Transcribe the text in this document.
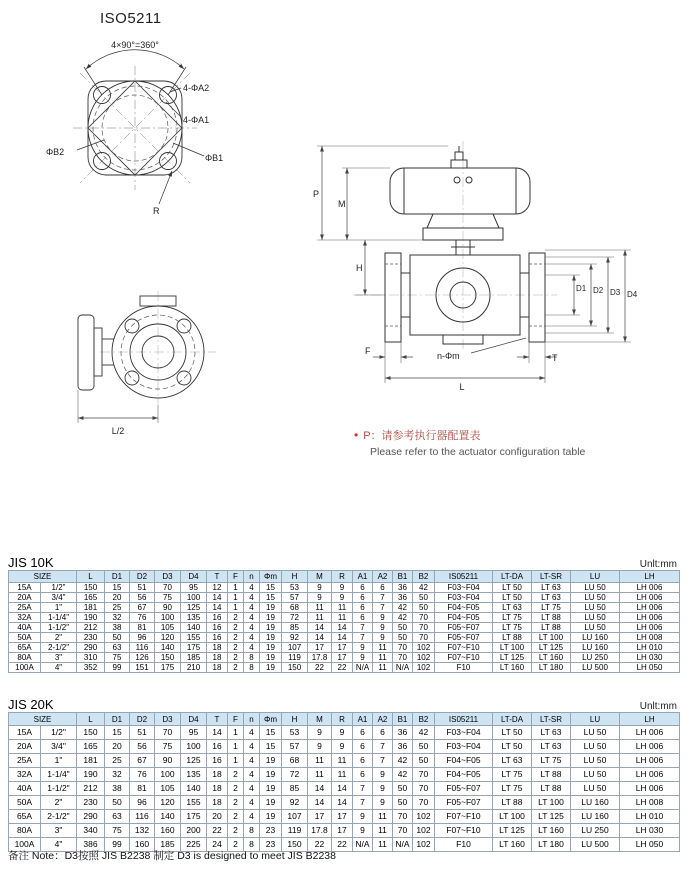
ISO5211
4×90°=360°
4-ΦA2
4-ΦA1
ΦB2
ΦB1
R
P
M
H
D1 D2 D3 D4
F	n-Φm	T
L
L/2	• P：请参考执行器配置表
Please refer to the actuator configuration table
JIS 10K	Unlt:mm
SIZE		L	D1	D2	D3	D4	T	F	n	Φm	H	M	R	A1	A2	B1	B2	IS05211	LT-DA	LT-SR	LU	LH
15A	1/2"	150	15	51	70	95	12	1	4	15	53	9	9	6	6	36	42	F03~F04	LT 50	LT 63	LU 50	LH 006
20A	3/4"	165	20	56	75	100	14	1	4	15	57	9	9	6	7	36	50	F03~F04	LT 50	LT 63	LU 50	LH 006
25A	1"	181	25	67	90	125	14	1	4	19	68	11	11	6	7	42	50	F04~F05	LT 63	LT 75	LU 50	LH 006
32A	1-1/4"	190	32	76	100	135	16	2	4	19	72	11	11	6	9	42	70	F04~F05	LT 75	LT 88	LU 50	LH 006
40A	1-1/2"	212	38	81	105	140	16	2	4	19	85	14	14	7	9	50	70	F05~F07	LT 75	LT 88	LU 50	LH 006
50A	2"	230	50	96	120	155	16	2	4	19	92	14	14	7	9	50	70	F05~F07	LT 88	LT 100	LU 160	LH 008
65A	2-1/2"	290	63	116	140	175	18	2	4	19	107	17	17	9	11	70	102	F07~F10	LT 100	LT 125	LU 160	LH 010
80A	3"	310	75	126	150	185	18	2	8	19	119	17.8	17	9	11	70	102	F07~F10	LT 125	LT 160	LU 250	LH 030
100A	4"	352	99	151	175	210	18	2	8	19	150	22	22	N/A	11	N/A	102	F10	LT 160	LT 180	LU 500	LH 050
JIS 20K	Unlt:mm
SIZE		L	D1	D2	D3	D4	T	F	n	Φm	H	M	R	A1	A2	B1	B2	IS05211	LT-DA	LT-SR	LU	LH
15A	1/2"	150	15	51	70	95	14	1	4	15	53	9	9	6	6	36	42	F03~F04	LT 50	LT 63	LU 50	LH 006
20A	3/4"	165	20	56	75	100	16	1	4	15	57	9	9	6	7	36	50	F03~F04	LT 50	LT 63	LU 50	LH 006
25A	1"	181	25	67	90	125	16	1	4	19	68	11	11	6	7	42	50	F04~F05	LT 63	LT 75	LU 50	LH 006
32A	1-1/4"	190	32	76	100	135	18	2	4	19	72	11	11	6	9	42	70	F04~F05	LT 75	LT 88	LU 50	LH 006
40A	1-1/2"	212	38	81	105	140	18	2	4	19	85	14	14	7	9	50	70	F05~F07	LT 75	LT 88	LU 50	LH 006
50A	2"	230	50	96	120	155	18	2	4	19	92	14	14	7	9	50	70	F05~F07	LT 88	LT 100	LU 160	LH 008
65A	2-1/2"	290	63	116	140	175	20	2	4	19	107	17	17	9	11	70	102	F07~F10	LT 100	LT 125	LU 160	LH 010
80A	3"	340	75	132	160	200	22	2	8	23	119	17.8	17	9	11	70	102	F07~F10	LT 125	LT 160	LU 250	LH 030
100A	4"	386	99	160	185	225	24	2	8	23	150	22	22	N/A	11	N/A	102	F10	LT 160	LT 180	LU 500	LH 050
备注 Note：D3按照 JIS B2238 制定 D3 is designed to meet JIS B2238
